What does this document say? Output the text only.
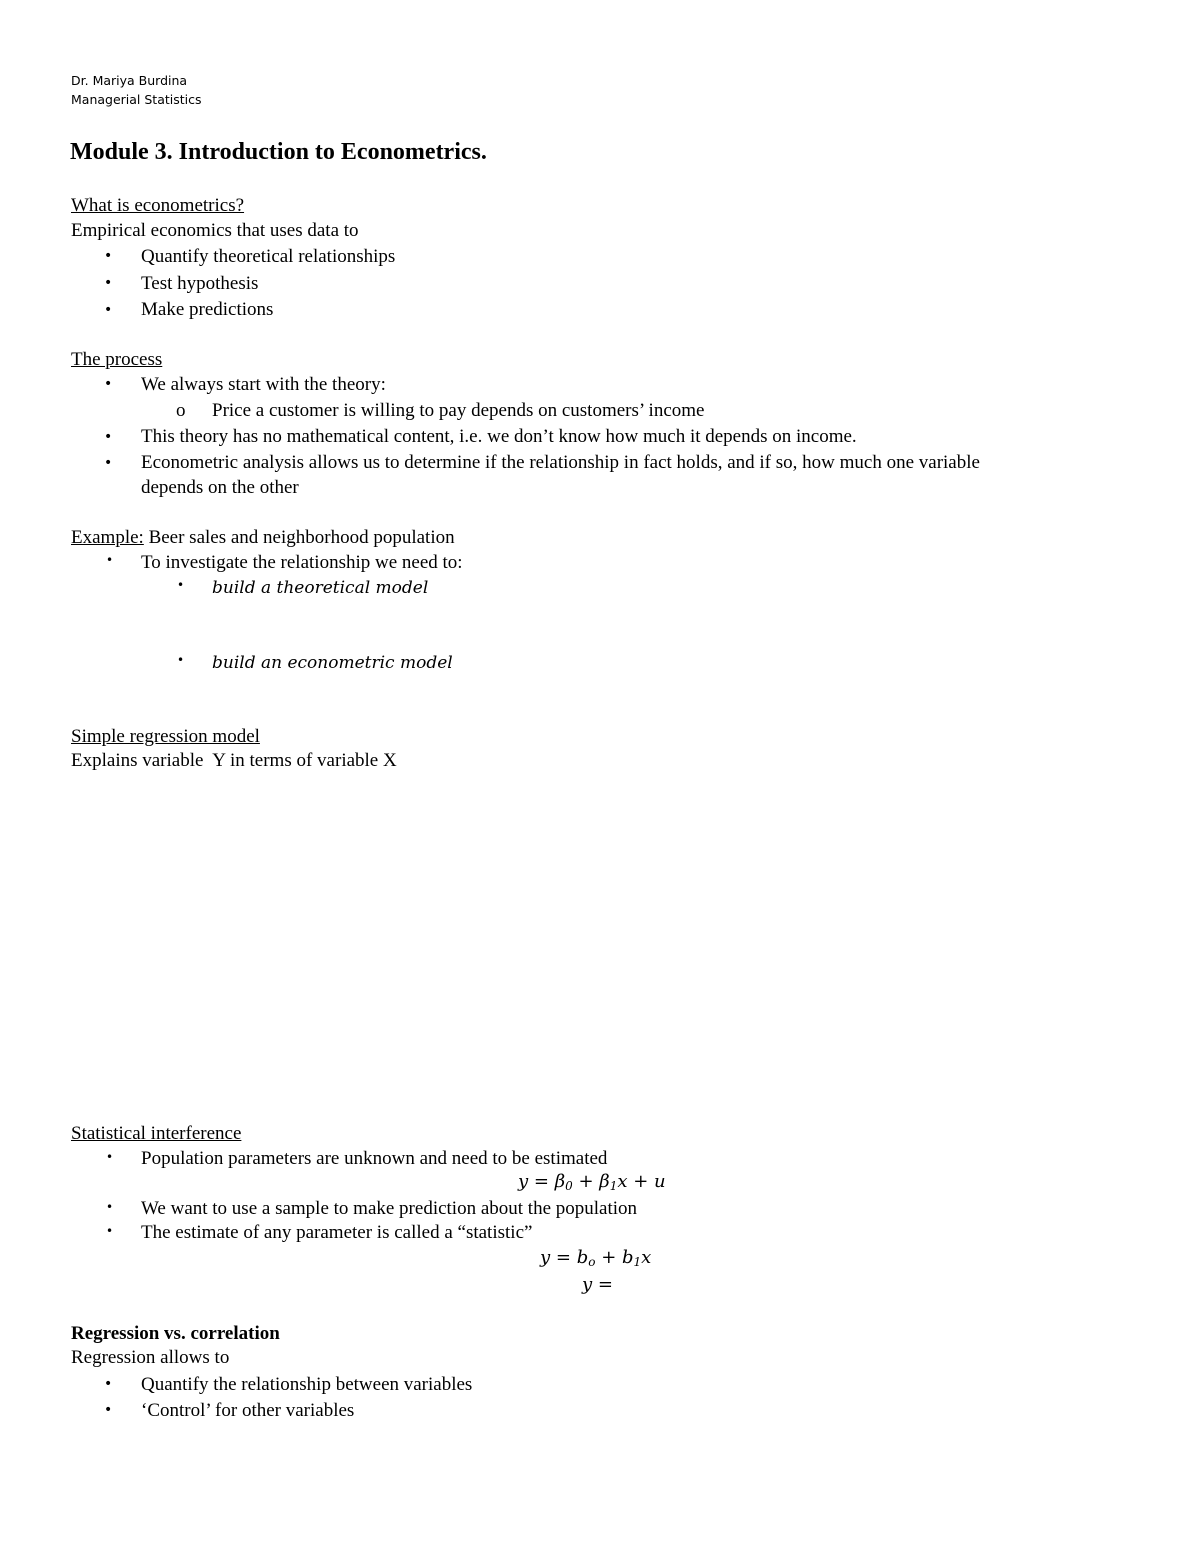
Dr. Mariya Burdina
Managerial Statistics
Module 3. Introduction to Econometrics.
What is econometrics?
Empirical economics that uses data to
• Quantify theoretical relationships
• Test hypothesis
• Make predictions
The process
• We always start with the theory:
o Price a customer is willing to pay depends on customers’ income
• This theory has no mathematical content, i.e. we don’t know how much it depends on income.
• Econometric analysis allows us to determine if the relationship in fact holds, and if so, how much one variable
depends on the other
Example: Beer sales and neighborhood population
• To investigate the relationship we need to:
• build a theoretical model
• build an econometric model
Simple regression model
Explains variable  Y in terms of variable X
Statistical interference
• Population parameters are unknown and need to be estimated
$y = \beta_0 + \beta_1x + u$
• We want to use a sample to make prediction about the population
• The estimate of any parameter is called a “statistic”
$y = b_o + b_1x$
y =
Regression vs. correlation
Regression allows to
• Quantify the relationship between variables
• ‘Control’ for other variables
